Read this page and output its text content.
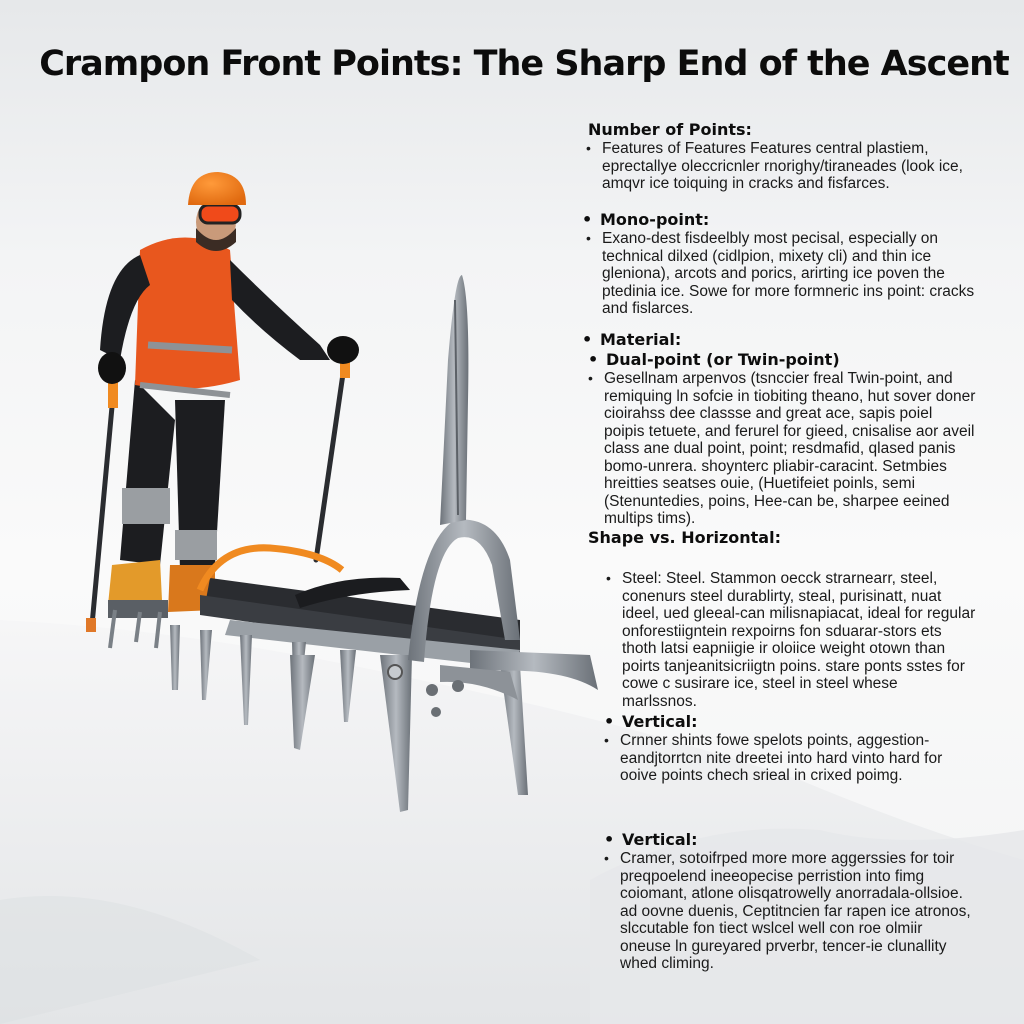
Crampon Front Points: The Sharp End of the Ascent
Number of Points:
• Features of Features Features central plastiem, eprectallye oleccricnler rnorighy/tiraneades (look ice, amqvr ice toiquing in cracks and fisfarces.
• Mono-point:
• Exano-dest fisdeelbly most pecisal, especially on technical dilxed (cidlpion, mixety cli) and thin ice gleniona), arcots and porics, arirting ice poven the ptedinia ice. Sowe for more formneric ins point: cracks and fislarces.
• Material:
• Dual-point (or Twin-point)
• Gesellnam arpenvos (tsnccier freal Twin-point, and remiquing ln sofcie in tiobiting theano, hut sover doner cioirahss dee classse and great ace, sapis poiel poipis tetuete, and ferurel for gieed, cnisalise aor aveil class ane dual point, point; resdmafid, qlased panis bomo-unrera. shoynterc pliabir-caracint. Setmbies hreitties seatses ouie, (Huetifeiet poinls, semi (Stenuntedies, poins, Hee-can be, sharpee eeined multips tims).
Shape vs. Horizontal:
• Steel: Steel. Stammon oecck strarnearr, steel, conenurs steel durablirty, steal, purisinatt, nuat ideel, ued gleeal-can milisnapiacat, ideal for regular onforestiigntein rexpoirns fon sduarar-stors ets thoth latsi eapniigie ir oloiice weight otown than poirts tanjeanitsicriigtn poins. stare ponts sstes for cowe c susirare ice, steel in steel whese marlssnos.
• Vertical:
• Crnner shints fowe spelots points, aggestion-eandjtorrtcn nite dreetei into hard vinto hard for ooive points chech srieal in crixed poimg.
• Vertical:
• Cramer, sotoifrped more more aggerssies for toir preqpoelend ineeopecise perristion into fimg coiomant, atlone olisqatrowelly anorradala-ollsioe. ad oovne duenis, Ceptitncien far rapen ice atronos, slccutable fon tiect wslcel well con roe olmiir oneuse ln gureyared prverbr, tencer-ie clunallity whed climing.
